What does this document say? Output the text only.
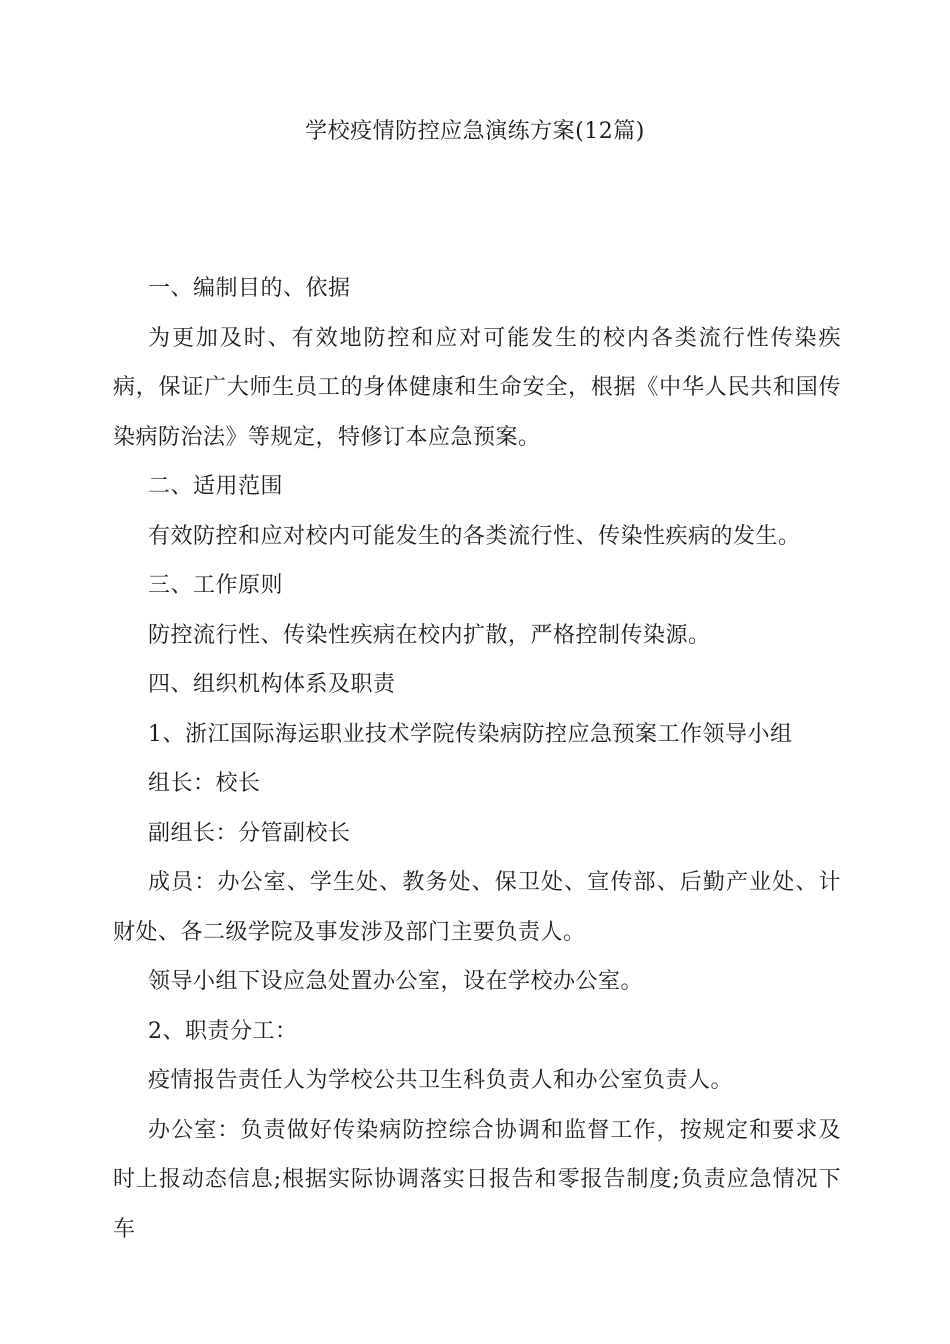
学校疫情防控应急演练方案(12篇)

一、编制目的、依据

为更加及时、有效地防控和应对可能发生的校内各类流行性传染疾病，保证广大师生员工的身体健康和生命安全，根据《中华人民共和国传染病防治法》等规定，特修订本应急预案。

二、适用范围

有效防控和应对校内可能发生的各类流行性、传染性疾病的发生。

三、工作原则

防控流行性、传染性疾病在校内扩散，严格控制传染源。

四、组织机构体系及职责

1、浙江国际海运职业技术学院传染病防控应急预案工作领导小组

组长：校长

副组长：分管副校长

成员：办公室、学生处、教务处、保卫处、宣传部、后勤产业处、计财处、各二级学院及事发涉及部门主要负责人。

领导小组下设应急处置办公室，设在学校办公室。

2、职责分工：

疫情报告责任人为学校公共卫生科负责人和办公室负责人。

办公室：负责做好传染病防控综合协调和监督工作，按规定和要求及时上报动态信息;根据实际协调落实日报告和零报告制度;负责应急情况下车
